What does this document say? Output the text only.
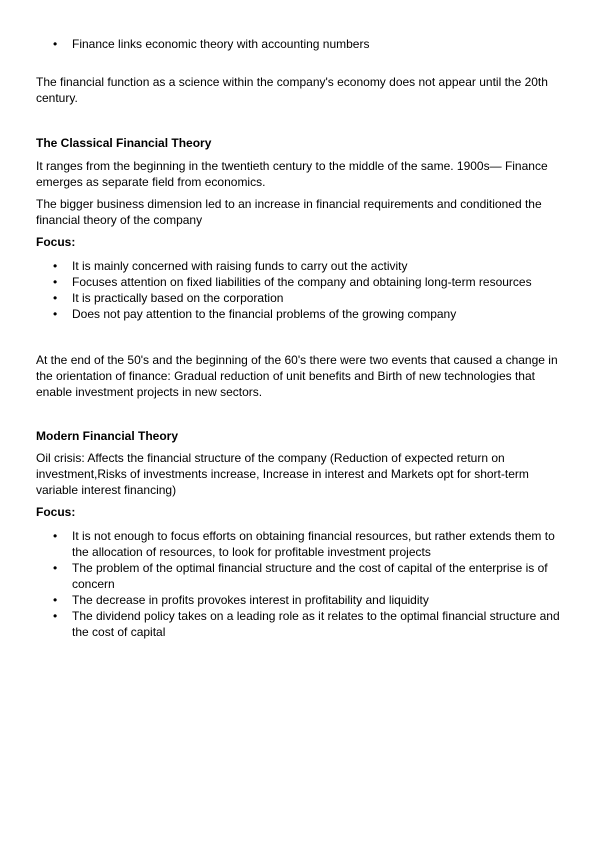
• Finance links economic theory with accounting numbers

The financial function as a science within the company's economy does not appear until the 20th century.

The Classical Financial Theory

It ranges from the beginning in the twentieth century to the middle of the same. 1900s— Finance emerges as separate field from economics.

The bigger business dimension led to an increase in financial requirements and conditioned the financial theory of the company

Focus:

• It is mainly concerned with raising funds to carry out the activity
• Focuses attention on fixed liabilities of the company and obtaining long-term resources
• It is practically based on the corporation
• Does not pay attention to the financial problems of the growing company

At the end of the 50's and the beginning of the 60's there were two events that caused a change in the orientation of finance: Gradual reduction of unit benefits and Birth of new technologies that enable investment projects in new sectors.

Modern Financial Theory

Oil crisis: Affects the financial structure of the company (Reduction of expected return on investment,Risks of investments increase, Increase in interest and Markets opt for short-term variable interest financing)

Focus:

• It is not enough to focus efforts on obtaining financial resources, but rather extends them to the allocation of resources, to look for profitable investment projects
• The problem of the optimal financial structure and the cost of capital of the enterprise is of concern
• The decrease in profits provokes interest in profitability and liquidity
• The dividend policy takes on a leading role as it relates to the optimal financial structure and the cost of capital
